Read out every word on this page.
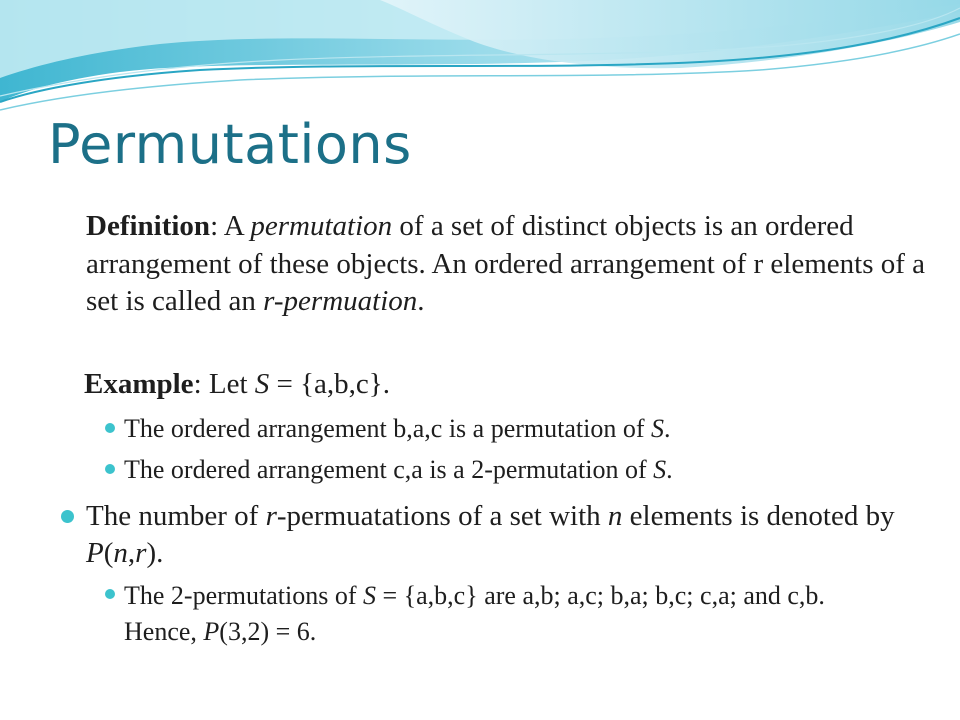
Permutations

Definition: A permutation of a set of distinct objects is an ordered arrangement of these objects. An ordered arrangement of r elements of a set is called an r-permuation.

Example: Let S = {a,b,c}.

The ordered arrangement b,a,c is a permutation of S.

The ordered arrangement c,a is a 2-permutation of S.

The number of r-permuatations of a set with n elements is denoted by P(n,r).

The 2-permutations of S = {a,b,c} are a,b; a,c; b,a; b,c; c,a; and c,b. Hence, P(3,2) = 6.
